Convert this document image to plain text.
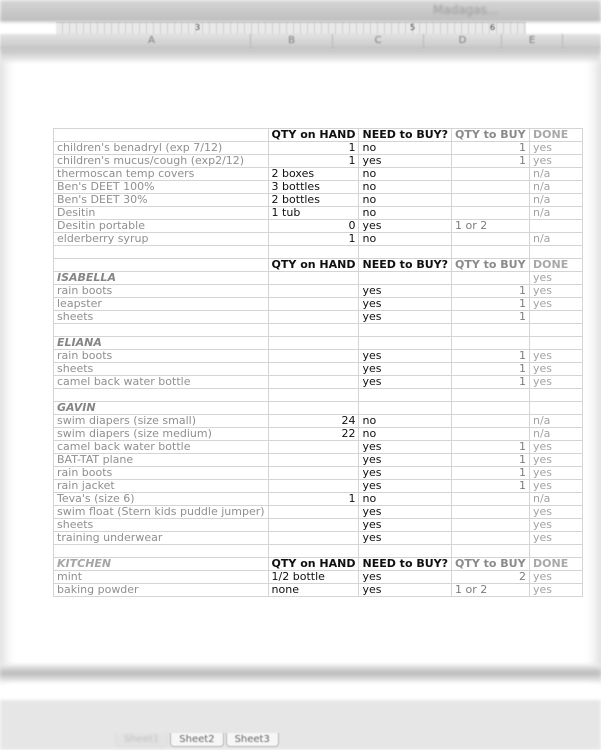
Madagas...
3	5	6
A	B	C	D	E
	QTY on HAND	NEED to BUY?	QTY to BUY	DONE
children's benadryl (exp 7/12)	1	no	1	yes
children's mucus/cough (exp2/12)	1	yes	1	yes
thermoscan temp covers	2 boxes	no		n/a
Ben's DEET 100%	3 bottles	no		n/a
Ben's DEET 30%	2 bottles	no		n/a
Desitin	1 tub	no		n/a
Desitin portable	0	yes	1 or 2	
elderberry syrup	1	no		n/a

	QTY on HAND	NEED to BUY?	QTY to BUY	DONE
ISABELLA				yes
rain boots		yes	1	yes
leapster		yes	1	yes
sheets		yes	1	

ELIANA				
rain boots		yes	1	yes
sheets		yes	1	yes
camel back water bottle		yes	1	yes

GAVIN				
swim diapers (size small)	24	no		n/a
swim diapers (size medium)	22	no		n/a
camel back water bottle		yes	1	yes
BAT-TAT plane		yes	1	yes
rain boots		yes	1	yes
rain jacket		yes	1	yes
Teva's (size 6)	1	no		n/a
swim float (Stern kids puddle jumper)		yes		yes
sheets		yes		yes
training underwear		yes		yes

KITCHEN	QTY on HAND	NEED to BUY?	QTY to BUY	DONE
mint	1/2 bottle	yes	2	yes
baking powder	none	yes	1 or 2	yes
Sheet1	Sheet2	Sheet3
